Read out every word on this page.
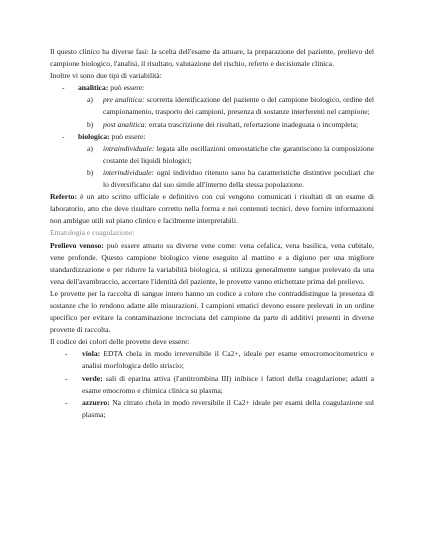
Il questo clinico ha diverse fasi: la scelta dell'esame da attuare, la preparazione del paziente, prelievo del campione biologico, l'analisi, il risultato, valutazione del rischio, referto e decisionale clinica.

Inoltre vi sono due tipi di variabilità:

- analitica: può essere:
a) pre analitica: scorretta identificazione del paziente o del campione biologico, ordine del campionamento, trasporto dei campioni, presenza di sostanze interferenti nel campione;
b) post analitica: errata trascrizione dei risultati, refertazione inadeguata o incompleta;
- biologica: può essere:
a) intraindividuale: legata alle oscillazioni omeostatiche che garantiscono la composizione costante dei liquidi biologici;
b) interindividuale: ogni individuo ritenuto sano ha caratteristiche distintive peculiari che lo diversificano dal suo simile all'interno della stessa popolazione.

Referto: è un atto scritto ufficiale e definitivo con cui vengono comunicati i risultati di un esame di laboratorio, atto che deve risultare corretto nella forma e nei contenuti tecnici, deve fornire informazioni non ambigue utili sul piano clinico e facilmente interpretabili.

Ematologia e coagulazione:

Prelievo venoso: può essere attuato su diverse vene come: vena cefalica, vena basilica, vena cubitale, vene profonde. Questo campione biologico viene eseguito al mattino e a digiuno per una migliore standardizzazione e per ridurre la variabilità biologica, si utilizza generalmente sangue prelevato da una vena dell'avambraccio, accertare l'identità del paziente, le provette vanno etichettate prima del prelievo.

Le provette per la raccolta di sangue intero hanno un codice a colore che contraddistingue la presenza di sostanze che lo rendono adatte alle misurazioni. I campioni ematici devono essere prelevati in un ordine specifico per evitare la contaminazione incrociata del campione da parte di additivi presenti in diverse provette di raccolta.

Il codice dei colori delle provette deve essere:

- viola: EDTA chela in modo irreversibile il Ca2+, ideale per esame emocromocitometrico e analisi morfologica dello striscio;
- verde: sali di eparina attiva (l'antitrombina III) inibisce i fattori della coagulazione; adatti a esame emocromo e chimica clinica su plasma;
- azzurro: Na citrato chela in modo reversibile il Ca2+ ideale per esami della coagulazione sul plasma;
